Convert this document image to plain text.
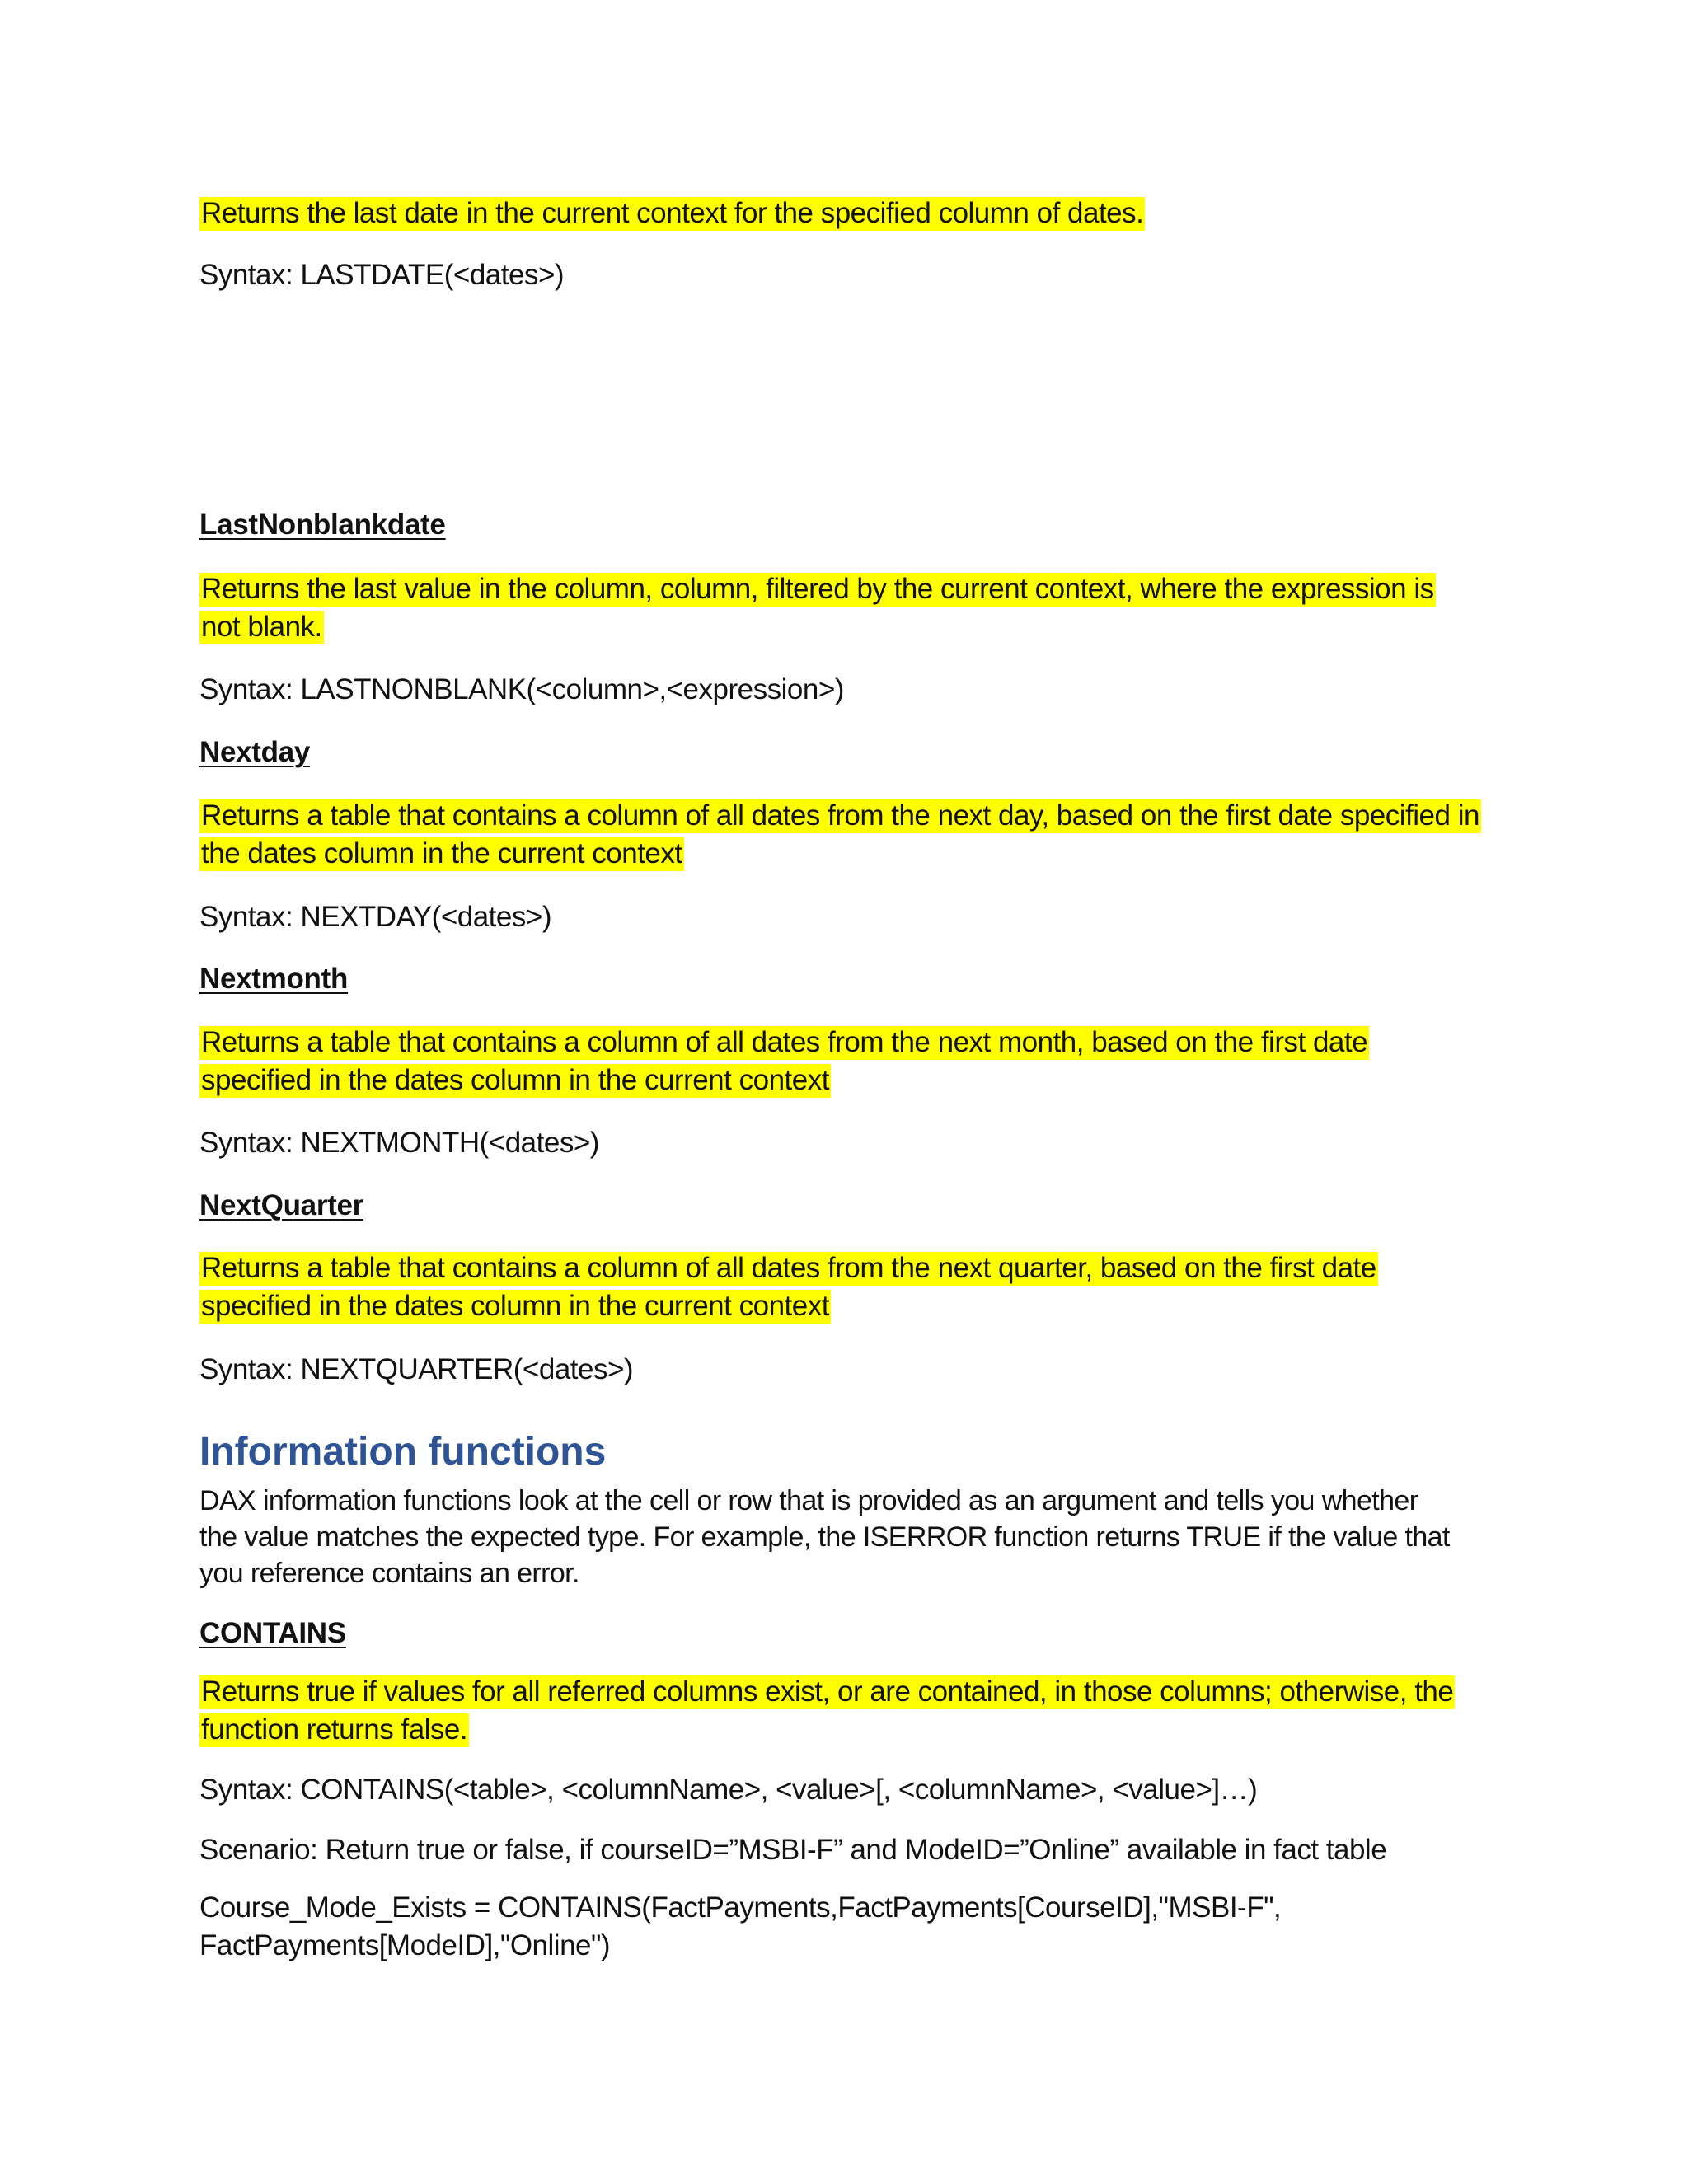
Returns the last date in the current context for the specified column of dates.
Syntax: LASTDATE(<dates>)
LastNonblankdate
Returns the last value in the column, column, filtered by the current context, where the expression is
not blank.
Syntax: LASTNONBLANK(<column>,<expression>)
Nextday
Returns a table that contains a column of all dates from the next day, based on the first date specified in
the dates column in the current context
Syntax: NEXTDAY(<dates>)
Nextmonth
Returns a table that contains a column of all dates from the next month, based on the first date
specified in the dates column in the current context
Syntax: NEXTMONTH(<dates>)
NextQuarter
Returns a table that contains a column of all dates from the next quarter, based on the first date
specified in the dates column in the current context
Syntax: NEXTQUARTER(<dates>)
Information functions
DAX information functions look at the cell or row that is provided as an argument and tells you whether
the value matches the expected type. For example, the ISERROR function returns TRUE if the value that
you reference contains an error.
CONTAINS
Returns true if values for all referred columns exist, or are contained, in those columns; otherwise, the
function returns false.
Syntax: CONTAINS(<table>, <columnName>, <value>[, <columnName>, <value>]…)
Scenario: Return true or false, if courseID=”MSBI-F” and ModeID=”Online” available in fact table
Course_Mode_Exists = CONTAINS(FactPayments,FactPayments[CourseID],"MSBI-F",
FactPayments[ModeID],"Online")
